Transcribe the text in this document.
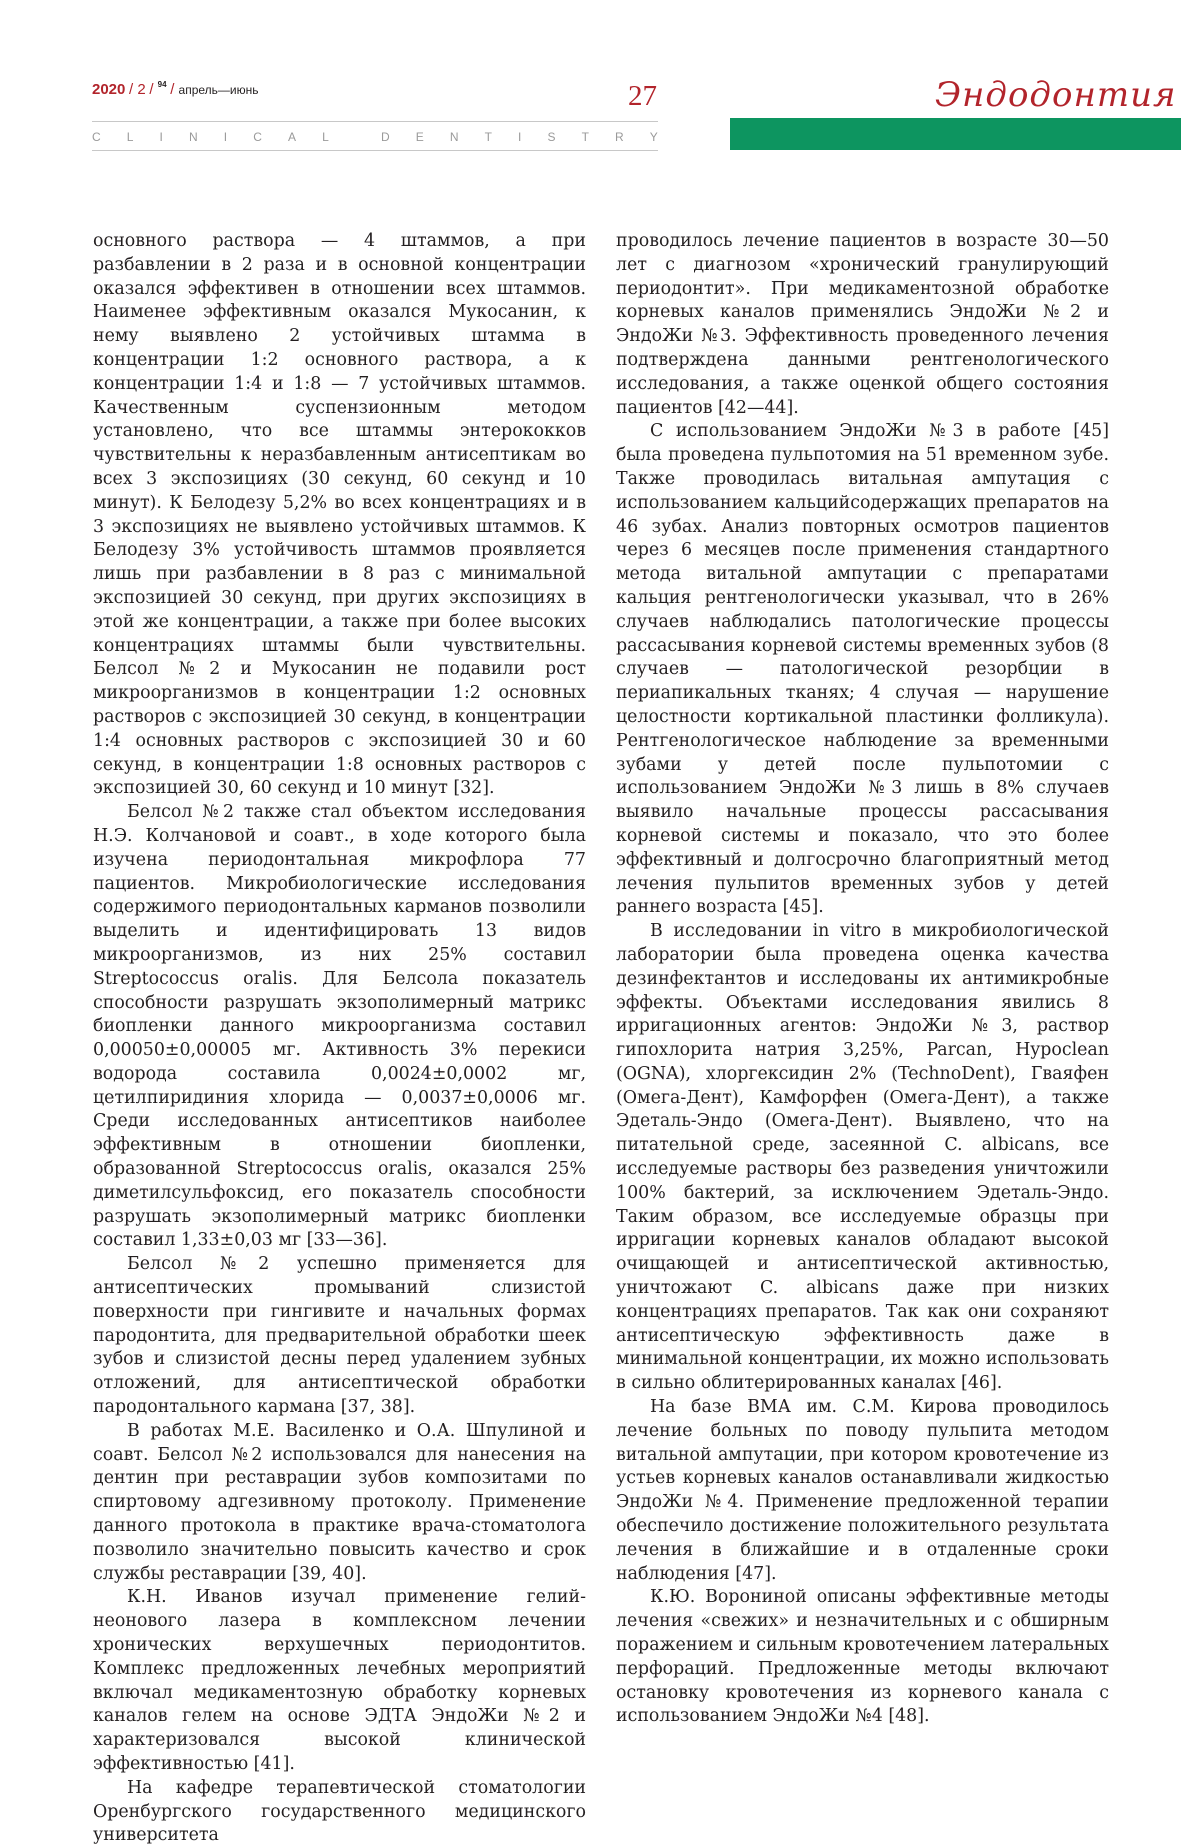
2020 / 2 / $^{94}$ / апрель—июнь	27
C L I N I C A L	D E N T I S T R Y
Эндодонтия

основного раствора — 4 штаммов, а при разбавлении в 2 раза и в основной концентрации оказался эффективен в отношении всех штаммов. Наименее эффективным оказался Мукосанин, к нему выявлено 2 устойчивых штамма в концентрации 1:2 основного раствора, а к концентрации 1:4 и 1:8 — 7 устойчивых штаммов. Качественным суспензионным методом установлено, что все штаммы энтерококков чувствительны к неразбавленным антисептикам во всех 3 экспозициях (30 секунд, 60 секунд и 10 минут). К Белодезу 5,2% во всех концентрациях и в 3 экспозициях не выявлено устойчивых штаммов. К Белодезу 3% устойчивость штаммов проявляется лишь при разбавлении в 8 раз с минимальной экспозицией 30 секунд, при других экспозициях в этой же концентрации, а также при более высоких концентрациях штаммы были чувствительны. Белсол №2 и Мукосанин не подавили рост микроорганизмов в концентрации 1:2 основных растворов с экспозицией 30 секунд, в концентрации 1:4 основных растворов с экспозицией 30 и 60 секунд, в концентрации 1:8 основных растворов с экспозицией 30, 60 секунд и 10 минут [32].

Белсол №2 также стал объектом исследования Н.Э. Колчановой и соавт., в ходе которого была изучена периодонтальная микрофлора 77 пациентов. Микробиологические исследования содержимого периодонтальных карманов позволили выделить и идентифицировать 13 видов микроорганизмов, из них 25% составил Streptococcus oralis. Для Белсола показатель способности разрушать экзополимерный матрикс биопленки данного микроорганизма составил 0,00050±0,00005 мг. Активность 3% перекиси водорода составила 0,0024±0,0002 мг, цетилпиридиния хлорида — 0,0037±0,0006 мг. Среди исследованных антисептиков наиболее эффективным в отношении биопленки, образованной Streptococcus oralis, оказался 25% диметилсульфоксид, его показатель способности разрушать экзополимерный матрикс биопленки составил 1,33±0,03 мг [33—36].

Белсол №2 успешно применяется для антисептических промываний слизистой поверхности при гингивите и начальных формах пародонтита, для предварительной обработки шеек зубов и слизистой десны перед удалением зубных отложений, для антисептической обработки пародонтального кармана [37, 38].

В работах М.Е. Василенко и О.А. Шпулиной и соавт. Белсол №2 использовался для нанесения на дентин при реставрации зубов композитами по спиртовому адгезивному протоколу. Применение данного протокола в практике врача-стоматолога позволило значительно повысить качество и срок службы реставрации [39, 40].

К.Н. Иванов изучал применение гелий-неонового лазера в комплексном лечении хронических верхушечных периодонтитов. Комплекс предложенных лечебных мероприятий включал медикаментозную обработку корневых каналов гелем на основе ЭДТА ЭндоЖи №2 и характеризовался высокой клинической эффективностью [41].

На кафедре терапевтической стоматологии Оренбургского государственного медицинского университета

проводилось лечение пациентов в возрасте 30—50 лет с диагнозом «хронический гранулирующий периодонтит». При медикаментозной обработке корневых каналов применялись ЭндоЖи №2 и ЭндоЖи №3. Эффективность проведенного лечения подтверждена данными рентгенологического исследования, а также оценкой общего состояния пациентов [42—44].

С использованием ЭндоЖи №3 в работе [45] была проведена пульпотомия на 51 временном зубе. Также проводилась витальная ампутация с использованием кальцийсодержащих препаратов на 46 зубах. Анализ повторных осмотров пациентов через 6 месяцев после применения стандартного метода витальной ампутации с препаратами кальция рентгенологически указывал, что в 26% случаев наблюдались патологические процессы рассасывания корневой системы временных зубов (8 случаев — патологической резорбции в периапикальных тканях; 4 случая — нарушение целостности кортикальной пластинки фолликула). Рентгенологическое наблюдение за временными зубами у детей после пульпотомии с использованием ЭндоЖи №3 лишь в 8% случаев выявило начальные процессы рассасывания корневой системы и показало, что это более эффективный и долгосрочно благоприятный метод лечения пульпитов временных зубов у детей раннего возраста [45].

В исследовании in vitro в микробиологической лаборатории была проведена оценка качества дезинфектантов и исследованы их антимикробные эффекты. Объектами исследования явились 8 ирригационных агентов: ЭндоЖи №3, раствор гипохлорита натрия 3,25%, Parcan, Hypoclean (OGNA), хлоргексидин 2% (TechnoDent), Гваяфен (Омега-Дент), Камфорфен (Омега-Дент), а также Эдеталь-Эндо (Омега-Дент). Выявлено, что на питательной среде, засеянной C. albicans, все исследуемые растворы без разведения уничтожили 100% бактерий, за исключением Эдеталь-Эндо. Таким образом, все исследуемые образцы при ирригации корневых каналов обладают высокой очищающей и антисептической активностью, уничтожают C. albicans даже при низких концентрациях препаратов. Так как они сохраняют антисептическую эффективность даже в минимальной концентрации, их можно использовать в сильно облитерированных каналах [46].

На базе ВМА им. С.М. Кирова проводилось лечение больных по поводу пульпита методом витальной ампутации, при котором кровотечение из устьев корневых каналов останавливали жидкостью ЭндоЖи №4. Применение предложенной терапии обеспечило достижение положительного результата лечения в ближайшие и в отдаленные сроки наблюдения [47].

К.Ю. Ворониной описаны эффективные методы лечения «свежих» и незначительных и с обширным поражением и сильным кровотечением латеральных перфораций. Предложенные методы включают остановку кровотечения из корневого канала с использованием ЭндоЖи №4 [48].
